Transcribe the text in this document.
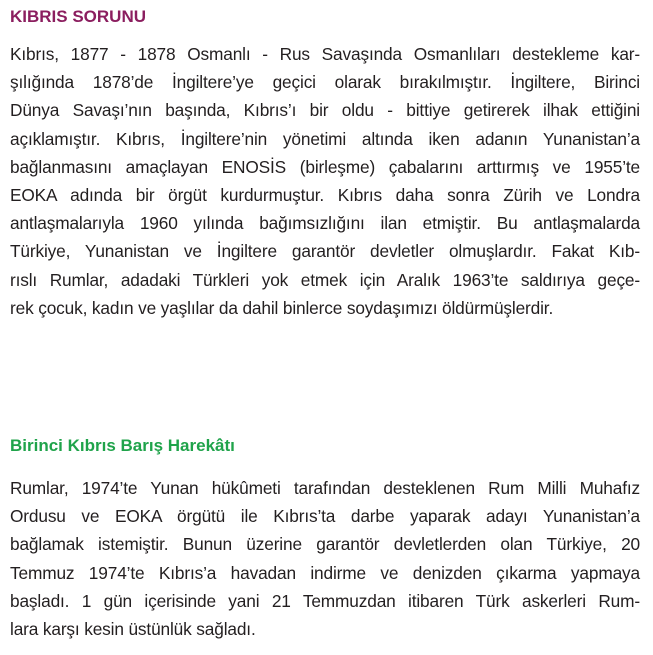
KIBRIS SORUNU
Kıbrıs, 1877 - 1878 Osmanlı - Rus Savaşında Osmanlıları destekleme kar-
şılığında 1878’de İngiltere’ye geçici olarak bırakılmıştır. İngiltere, Birinci
Dünya Savaşı’nın başında, Kıbrıs’ı bir oldu - bittiye getirerek ilhak ettiğini
açıklamıştır. Kıbrıs, İngiltere’nin yönetimi altında iken adanın Yunanistan’a
bağlanmasını amaçlayan ENOSİS (birleşme) çabalarını arttırmış ve 1955’te
EOKA adında bir örgüt kurdurmuştur. Kıbrıs daha sonra Zürih ve Londra
antlaşmalarıyla 1960 yılında bağımsızlığını ilan etmiştir. Bu antlaşmalarda
Türkiye, Yunanistan ve İngiltere garantör devletler olmuşlardır. Fakat Kıb-
rıslı Rumlar, adadaki Türkleri yok etmek için Aralık 1963’te saldırıya geçe-
rek çocuk, kadın ve yaşlılar da dahil binlerce soydaşımızı öldürmüşlerdir.
Birinci Kıbrıs Barış Harekâtı
Rumlar, 1974’te Yunan hükûmeti tarafından desteklenen Rum Milli Muhafız
Ordusu ve EOKA örgütü ile Kıbrıs’ta darbe yaparak adayı Yunanistan’a
bağlamak istemiştir. Bunun üzerine garantör devletlerden olan Türkiye, 20
Temmuz 1974’te Kıbrıs’a havadan indirme ve denizden çıkarma yapmaya
başladı. 1 gün içerisinde yani 21 Temmuzdan itibaren Türk askerleri Rum-
lara karşı kesin üstünlük sağladı.
